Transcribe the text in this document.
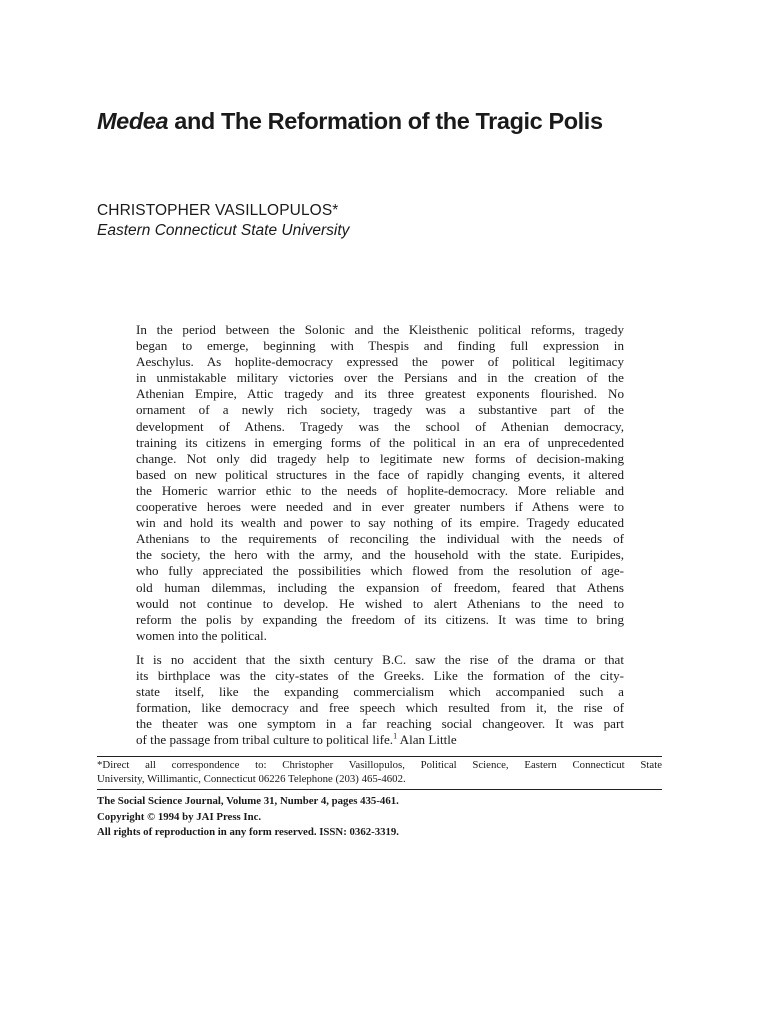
Medea and The Reformation of the Tragic Polis
CHRISTOPHER VASILLOPULOS*
Eastern Connecticut State University
In the period between the Solonic and the Kleisthenic political reforms, tragedy
began to emerge, beginning with Thespis and finding full expression in
Aeschylus. As hoplite-democracy expressed the power of political legitimacy
in unmistakable military victories over the Persians and in the creation of the
Athenian Empire, Attic tragedy and its three greatest exponents flourished. No
ornament of a newly rich society, tragedy was a substantive part of the
development of Athens. Tragedy was the school of Athenian democracy,
training its citizens in emerging forms of the political in an era of unprecedented
change. Not only did tragedy help to legitimate new forms of decision-making
based on new political structures in the face of rapidly changing events, it altered
the Homeric warrior ethic to the needs of hoplite-democracy. More reliable and
cooperative heroes were needed and in ever greater numbers if Athens were to
win and hold its wealth and power to say nothing of its empire. Tragedy educated
Athenians to the requirements of reconciling the individual with the needs of
the society, the hero with the army, and the household with the state. Euripides,
who fully appreciated the possibilities which flowed from the resolution of age-
old human dilemmas, including the expansion of freedom, feared that Athens
would not continue to develop. He wished to alert Athenians to the need to
reform the polis by expanding the freedom of its citizens. It was time to bring
women into the political.
It is no accident that the sixth century B.C. saw the rise of the drama or that
its birthplace was the city-states of the Greeks. Like the formation of the city-
state itself, like the expanding commercialism which accompanied such a
formation, like democracy and free speech which resulted from it, the rise of
the theater was one symptom in a far reaching social changeover. It was part
of the passage from tribal culture to political life.$^1$ Alan Little
*Direct all correspondence to: Christopher Vasillopulos, Political Science, Eastern Connecticut State
University, Willimantic, Connecticut 06226 Telephone (203) 465-4602.
The Social Science Journal, Volume 31, Number 4, pages 435-461.
Copyright © 1994 by JAI Press Inc.
All rights of reproduction in any form reserved. ISSN: 0362-3319.
